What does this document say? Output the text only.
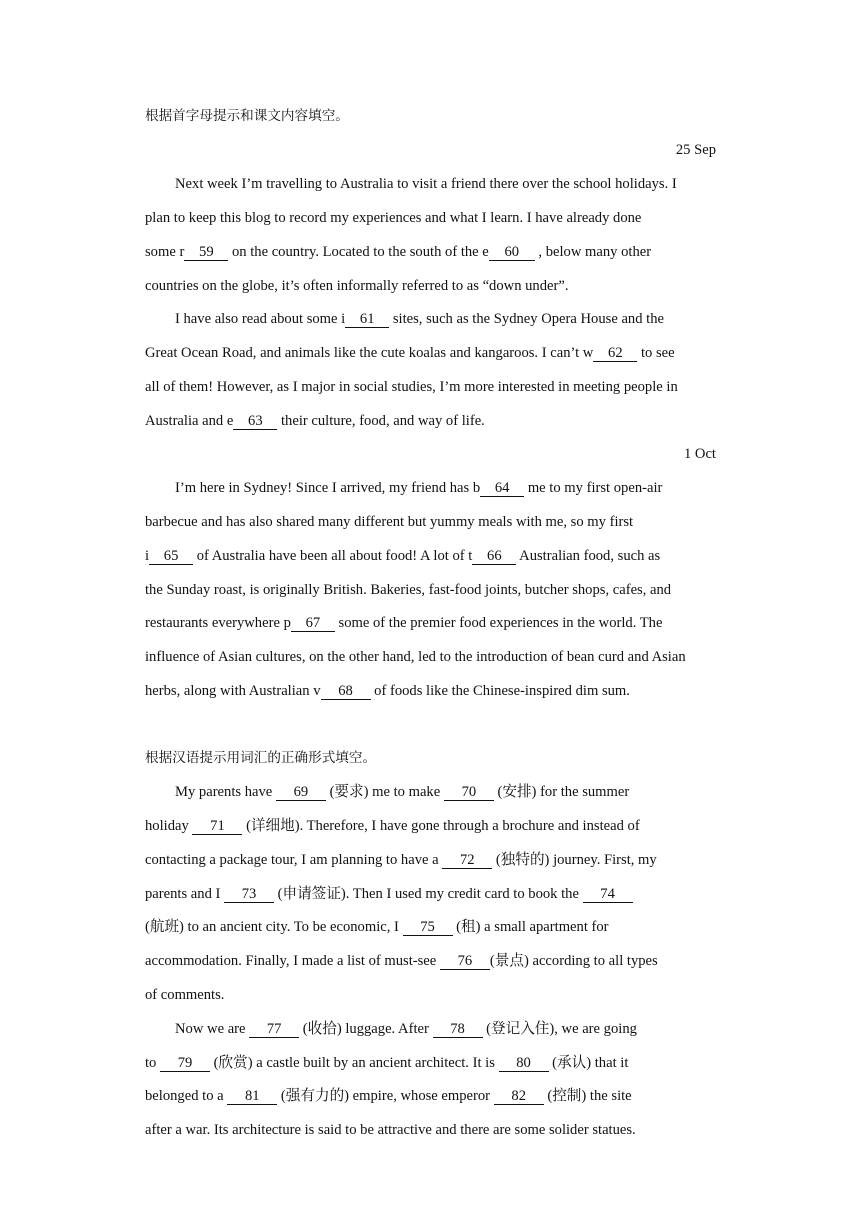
根据首字母提示和课文内容填空。
25 Sep
Next week I’m travelling to Australia to visit a friend there over the school holidays. I
plan to keep this blog to record my experiences and what I learn. I have already done
some r 59 on the country. Located to the south of the e 60 , below many other
countries on the globe, it’s often informally referred to as “down under”.
I have also read about some i 61 sites, such as the Sydney Opera House and the
Great Ocean Road, and animals like the cute koalas and kangaroos. I can’t w 62 to see
all of them! However, as I major in social studies, I’m more interested in meeting people in
Australia and e 63 their culture, food, and way of life.
1 Oct
I’m here in Sydney! Since I arrived, my friend has b 64 me to my first open-air
barbecue and has also shared many different but yummy meals with me, so my first
i 65 of Australia have been all about food! A lot of t 66 Australian food, such as
the Sunday roast, is originally British. Bakeries, fast-food joints, butcher shops, cafes, and
restaurants everywhere p 67 some of the premier food experiences in the world. The
influence of Asian cultures, on the other hand, led to the introduction of bean curd and Asian
herbs, along with Australian v 68 of foods like the Chinese-inspired dim sum.
根据汉语提示用词汇的正确形式填空。
My parents have 69 (要求) me to make 70 (安排) for the summer
holiday 71 (详细地). Therefore, I have gone through a brochure and instead of
contacting a package tour, I am planning to have a 72 (独特的) journey. First, my
parents and I 73 (申请签证). Then I used my credit card to book the 74
(航班) to an ancient city. To be economic, I 75 (租) a small apartment for
accommodation. Finally, I made a list of must-see 76 (景点) according to all types
of comments.
Now we are 77 (收拾) luggage. After 78 (登记入住), we are going
to 79 (欣赏) a castle built by an ancient architect. It is 80 (承认) that it
belonged to a 81 (强有力的) empire, whose emperor 82 (控制) the site
after a war. Its architecture is said to be attractive and there are some solider statues.
